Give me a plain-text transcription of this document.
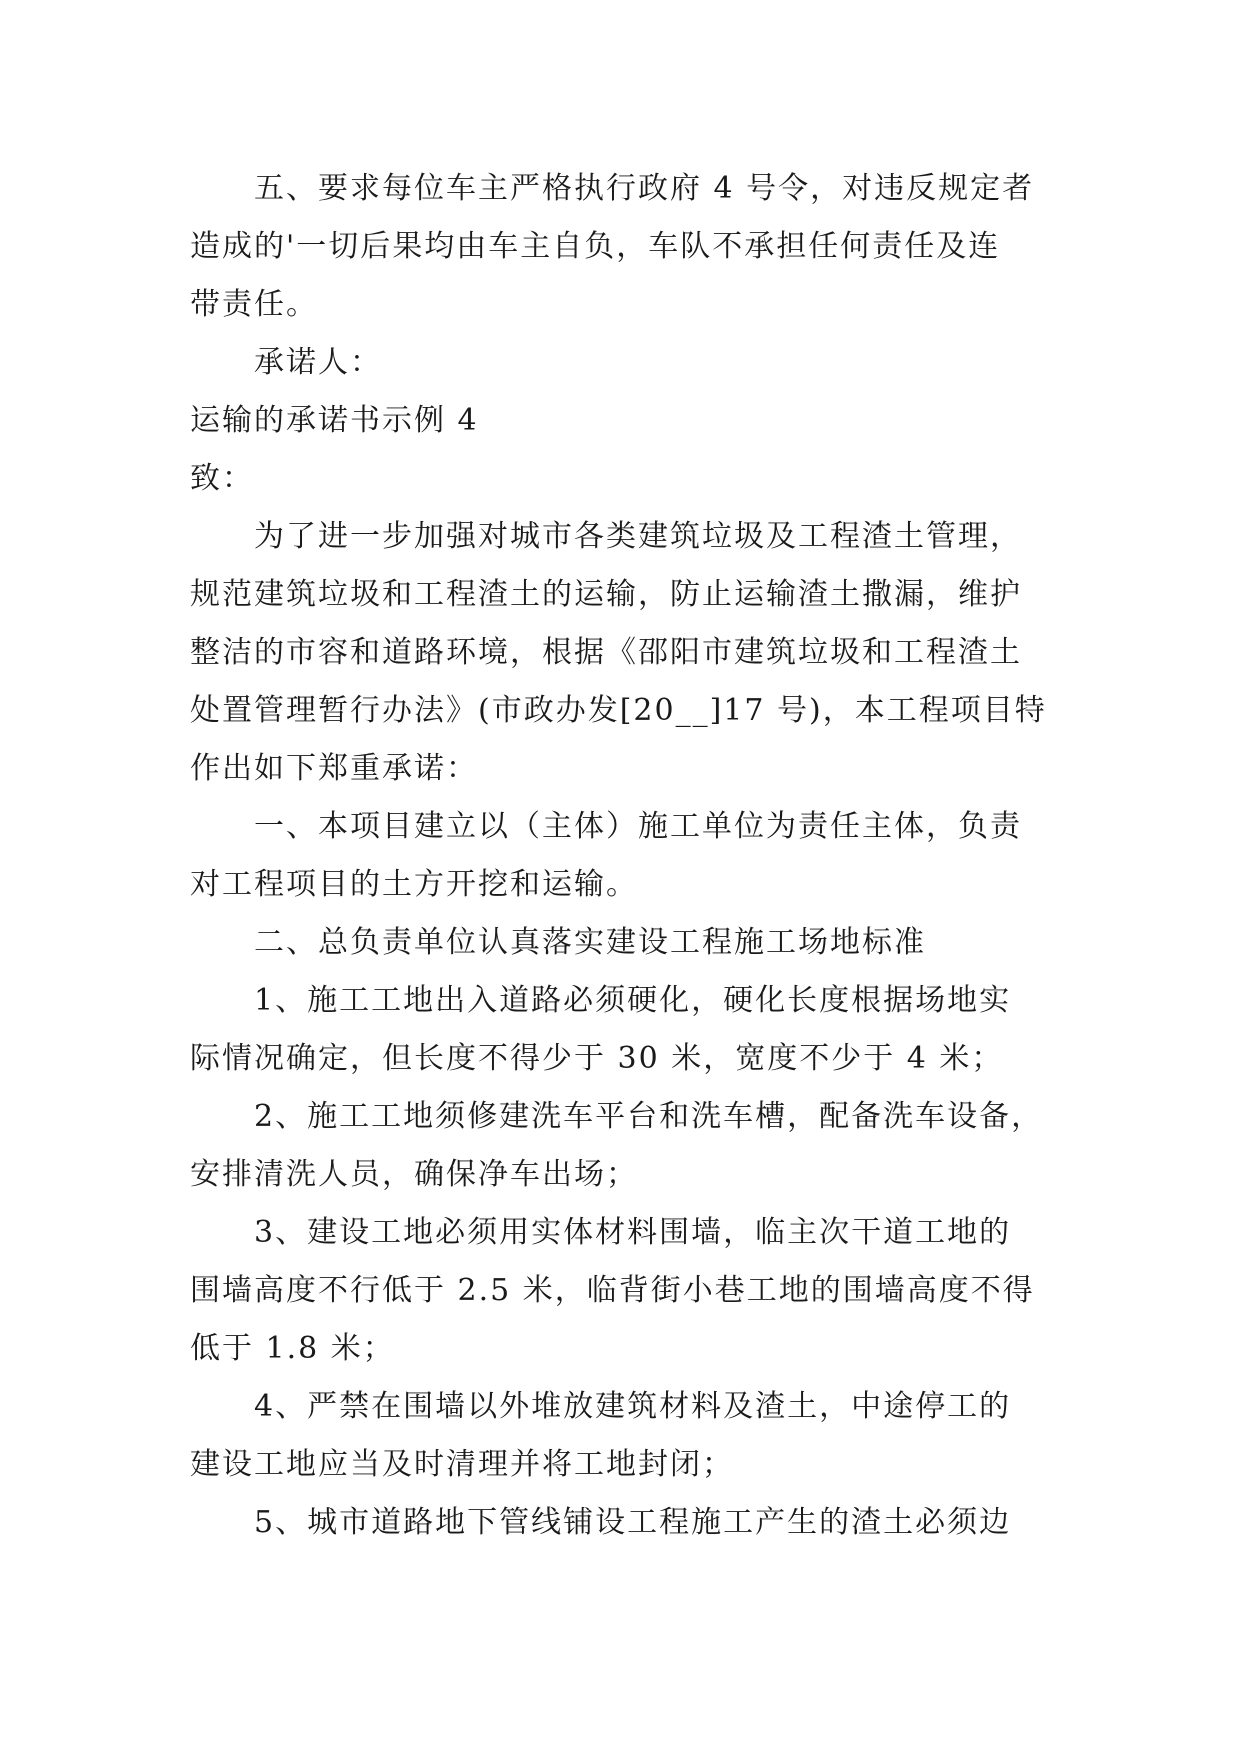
五、要求每位车主严格执行政府 4 号令，对违反规定者
造成的'一切后果均由车主自负，车队不承担任何责任及连
带责任。
承诺人：
运输的承诺书示例 4
致：
为了进一步加强对城市各类建筑垃圾及工程渣土管理，
规范建筑垃圾和工程渣土的运输，防止运输渣土撒漏，维护
整洁的市容和道路环境，根据《邵阳市建筑垃圾和工程渣土
处置管理暂行办法》(市政办发[20__]17 号)，本工程项目特
作出如下郑重承诺：
一、本项目建立以（主体）施工单位为责任主体，负责
对工程项目的土方开挖和运输。
二、总负责单位认真落实建设工程施工场地标准
1、施工工地出入道路必须硬化，硬化长度根据场地实
际情况确定，但长度不得少于 30 米，宽度不少于 4 米；
2、施工工地须修建洗车平台和洗车槽，配备洗车设备，
安排清洗人员，确保净车出场；
3、建设工地必须用实体材料围墙，临主次干道工地的
围墙高度不行低于 2.5 米，临背街小巷工地的围墙高度不得
低于 1.8 米；
4、严禁在围墙以外堆放建筑材料及渣土，中途停工的
建设工地应当及时清理并将工地封闭；
5、城市道路地下管线铺设工程施工产生的渣土必须边
